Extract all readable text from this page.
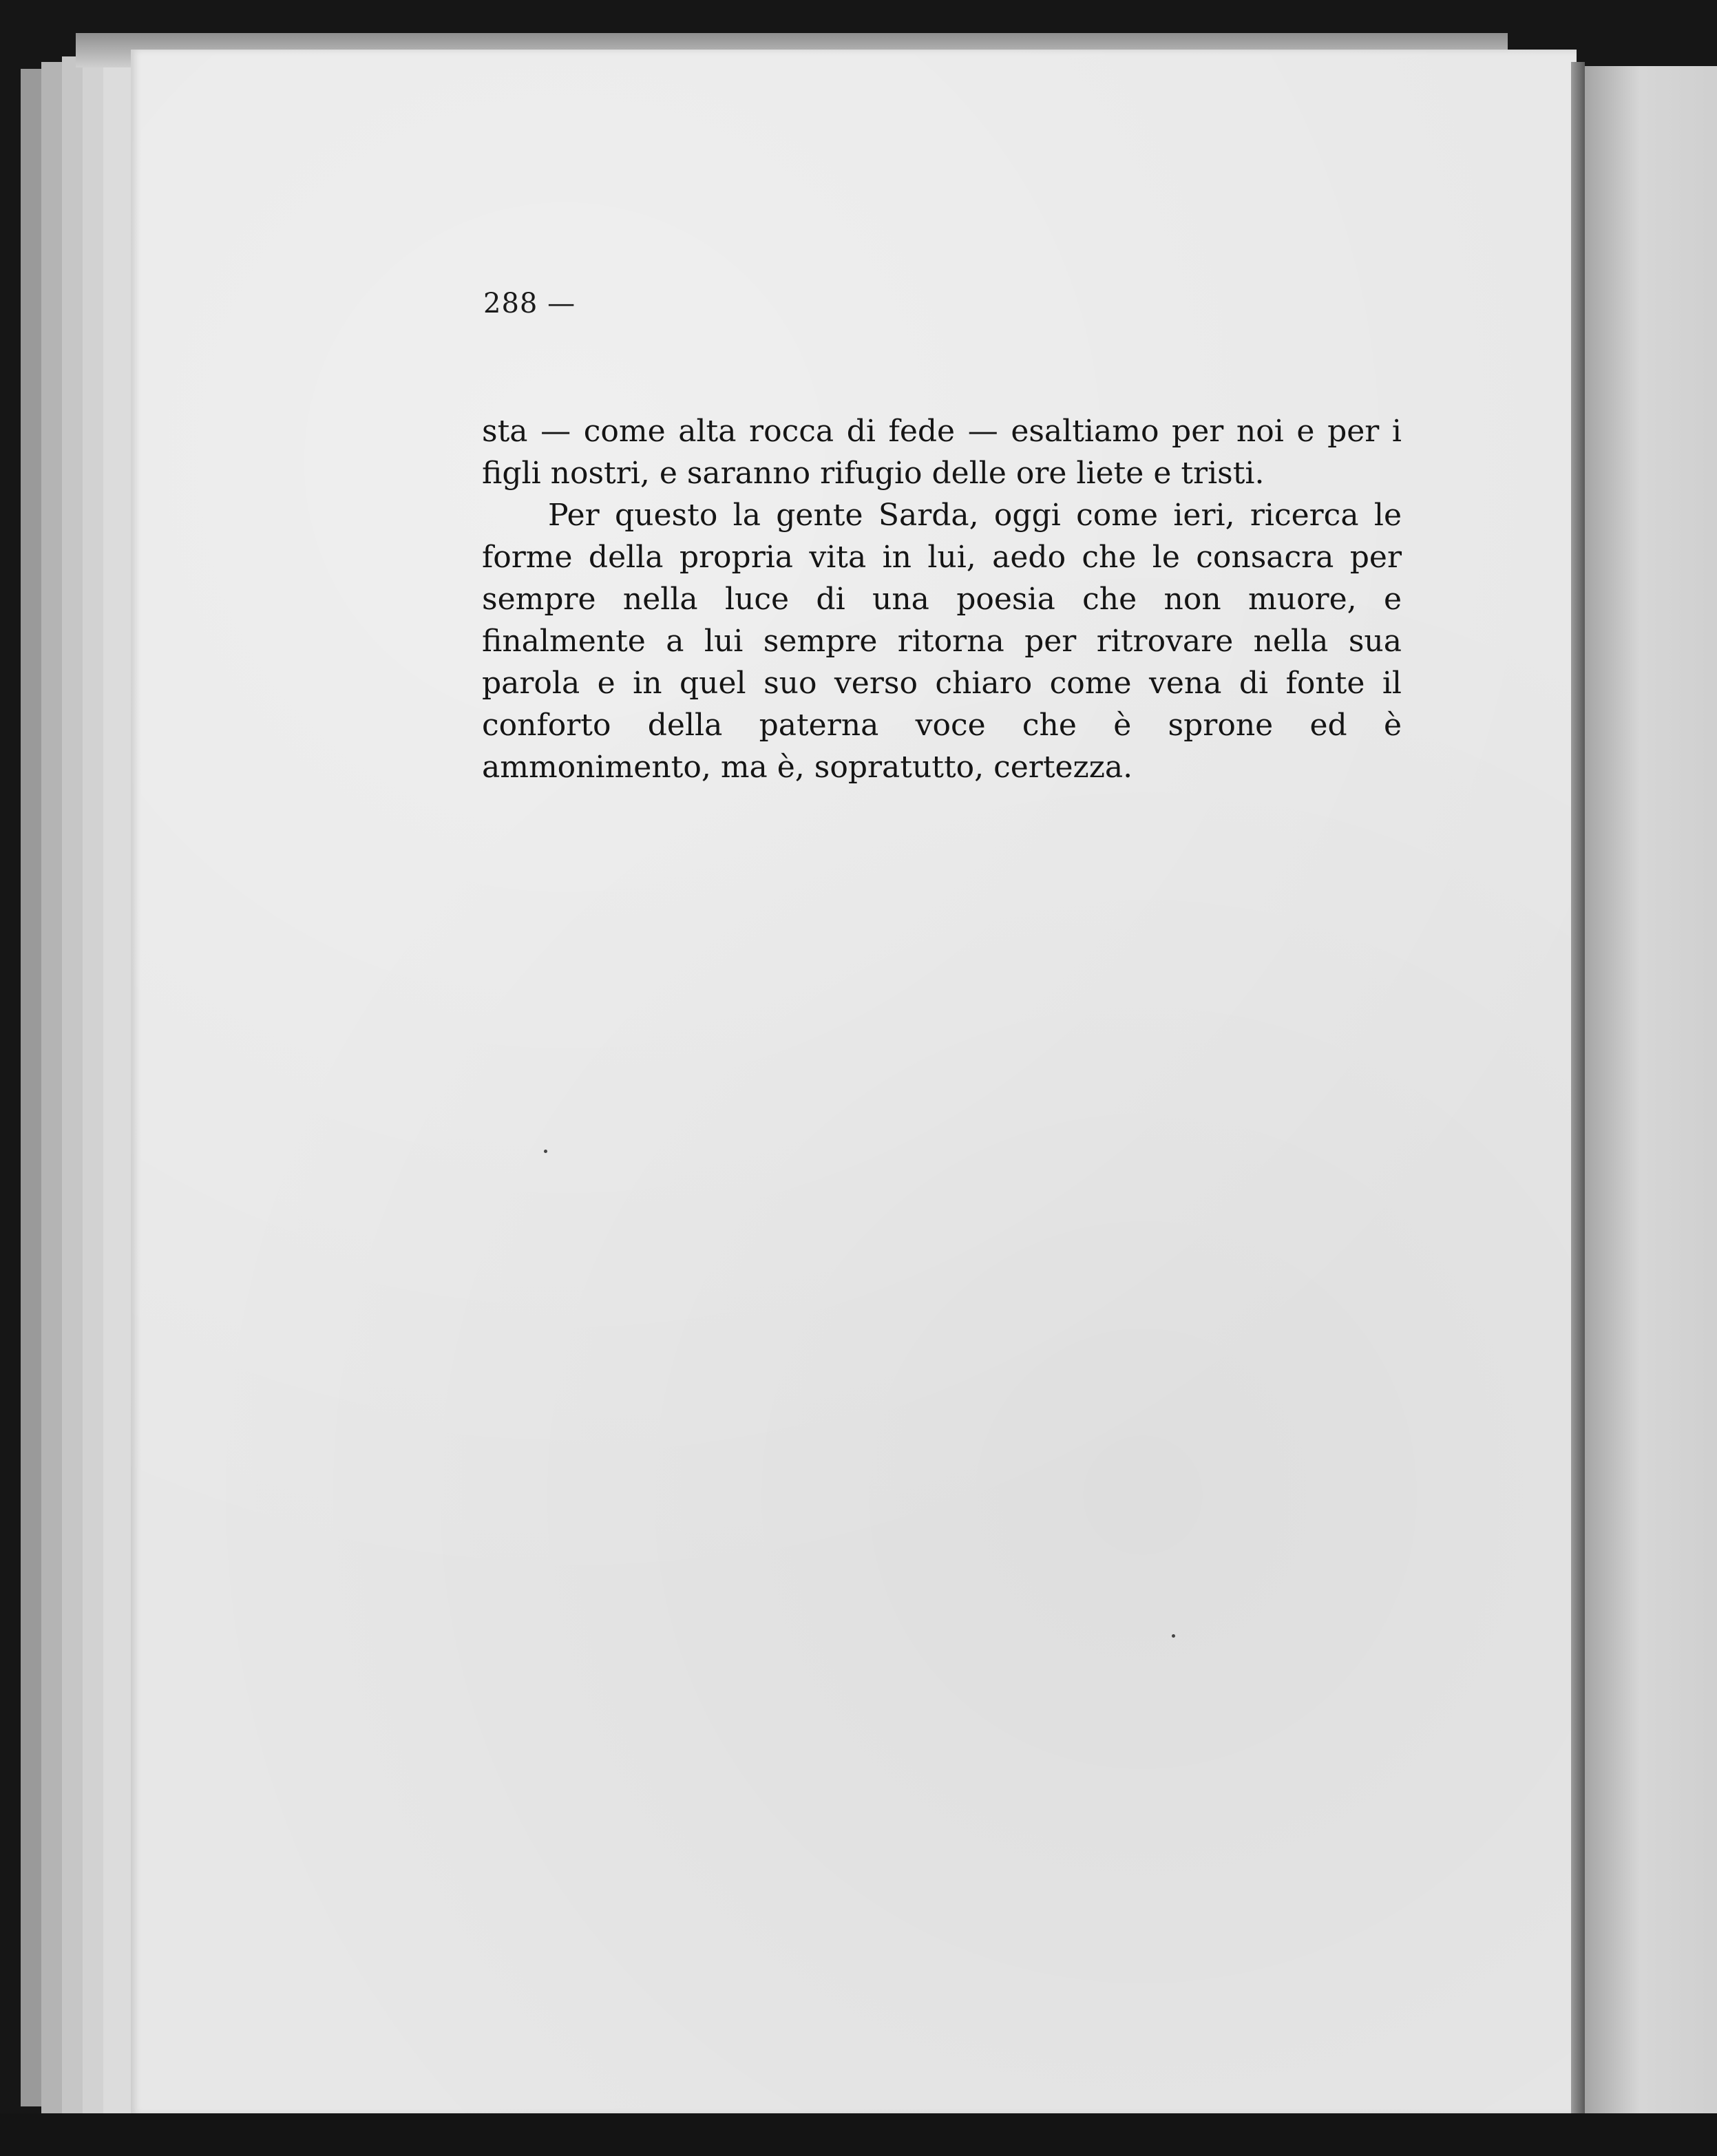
288 —

sta — come alta rocca di fede — esaltiamo per noi e per i figli nostri, e saranno rifugio delle ore liete e tristi.

Per questo la gente Sarda, oggi come ieri, ricerca le forme della propria vita in lui, aedo che le consacra per sempre nella luce di una poesia che non muore, e finalmente a lui sempre ritorna per ritrovare nella sua parola e in quel suo verso chiaro come vena di fonte il conforto della paterna voce che è sprone ed è ammonimento, ma è, sopratutto, certezza.
